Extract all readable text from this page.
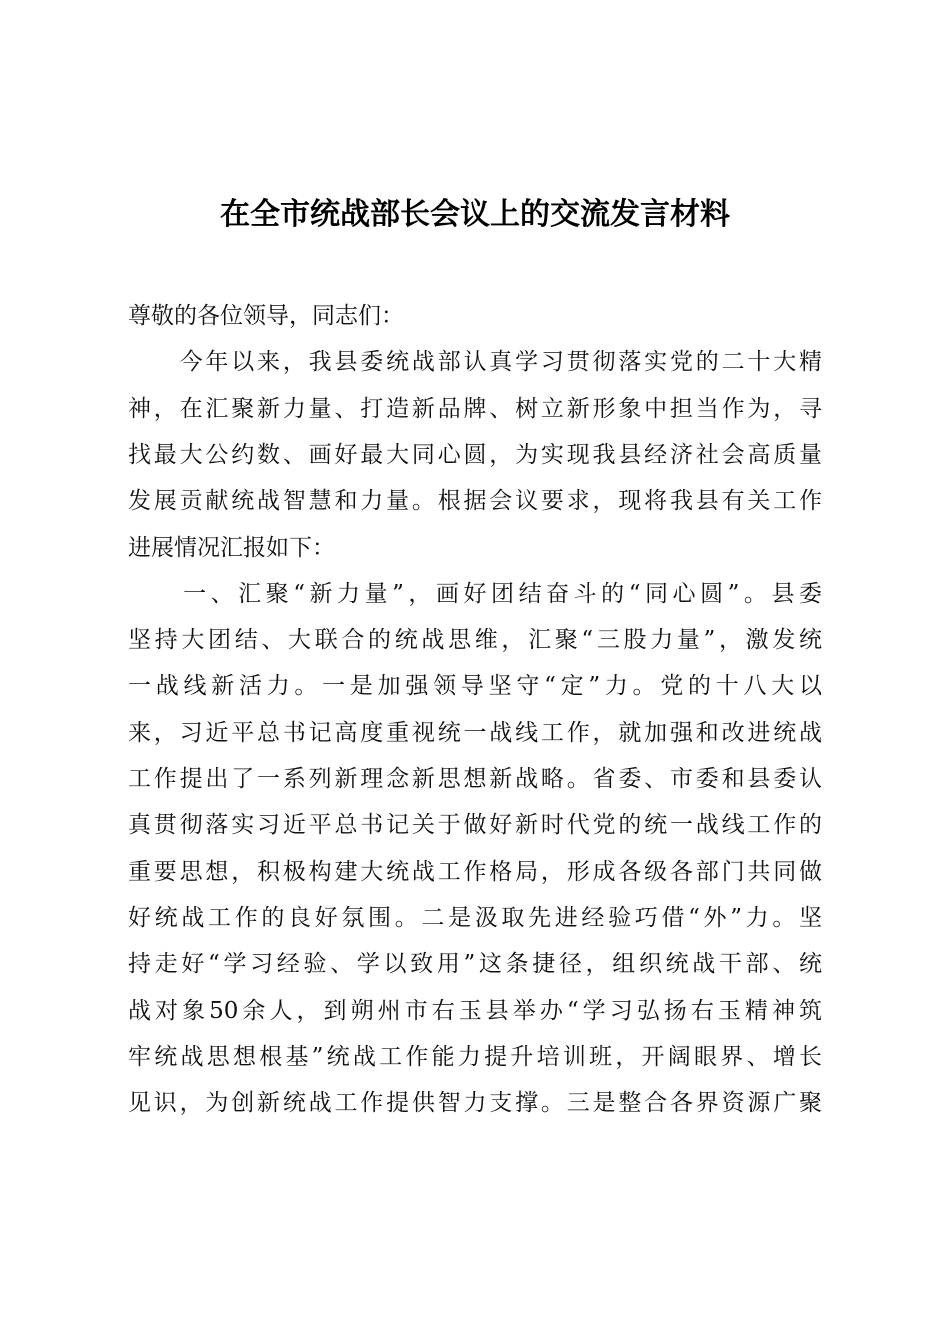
在全市统战部长会议上的交流发言材料
尊敬的各位领导，同志们：
　　今年以来，我县委统战部认真学习贯彻落实党的二十大精
神，在汇聚新力量、打造新品牌、树立新形象中担当作为，寻
找最大公约数、画好最大同心圆，为实现我县经济社会高质量
发展贡献统战智慧和力量。根据会议要求，现将我县有关工作
进展情况汇报如下：
　　一、汇聚“新力量”，画好团结奋斗的“同心圆”。县委
坚持大团结、大联合的统战思维，汇聚“三股力量”，激发统
一战线新活力。一是加强领导坚守“定”力。党的十八大以
来，习近平总书记高度重视统一战线工作，就加强和改进统战
工作提出了一系列新理念新思想新战略。省委、市委和县委认
真贯彻落实习近平总书记关于做好新时代党的统一战线工作的
重要思想，积极构建大统战工作格局，形成各级各部门共同做
好统战工作的良好氛围。二是汲取先进经验巧借“外”力。坚
持走好“学习经验、学以致用”这条捷径，组织统战干部、统
战对象50余人，到朔州市右玉县举办“学习弘扬右玉精神筑
牢统战思想根基”统战工作能力提升培训班，开阔眼界、增长
见识，为创新统战工作提供智力支撑。三是整合各界资源广聚
